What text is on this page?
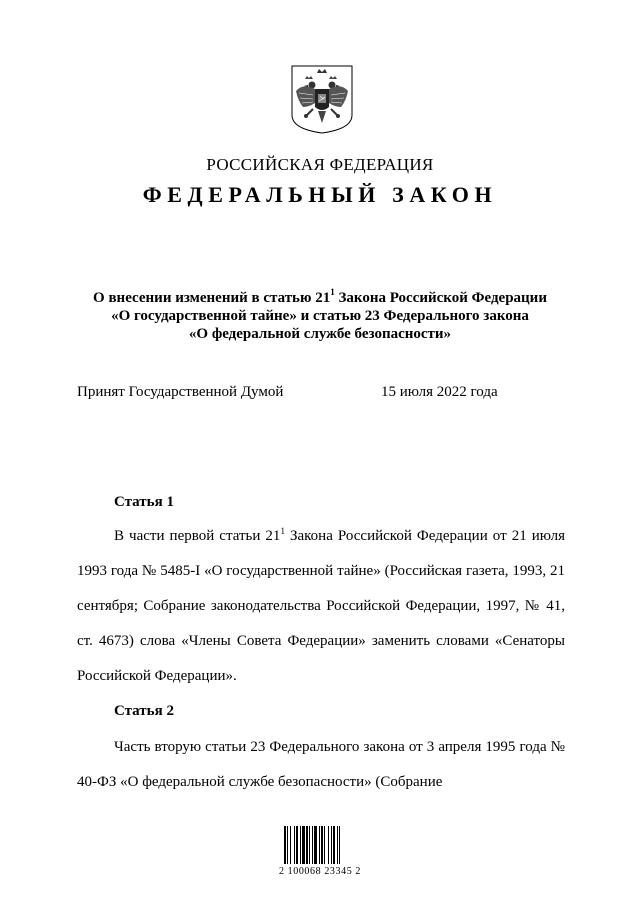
РОССИЙСКАЯ ФЕДЕРАЦИЯ
ФЕДЕРАЛЬНЫЙ ЗАКОН
О внесении изменений в статью $21^1$ Закона Российской Федерации
«О государственной тайне» и статью 23 Федерального закона
«О федеральной службе безопасности»
Принят Государственной Думой	15 июля 2022 года
Статья 1
В части первой статьи $21^1$ Закона Российской Федерации от 21 июля 1993 года № 5485-I «О государственной тайне» (Российская газета, 1993, 21 сентября; Собрание законодательства Российской Федерации, 1997, № 41, ст. 4673) слова «Члены Совета Федерации» заменить словами «Сенаторы Российской Федерации».
Статья 2
Часть вторую статьи 23 Федерального закона от 3 апреля 1995 года № 40-ФЗ «О федеральной службе безопасности» (Собрание
2 100068 23345 2
